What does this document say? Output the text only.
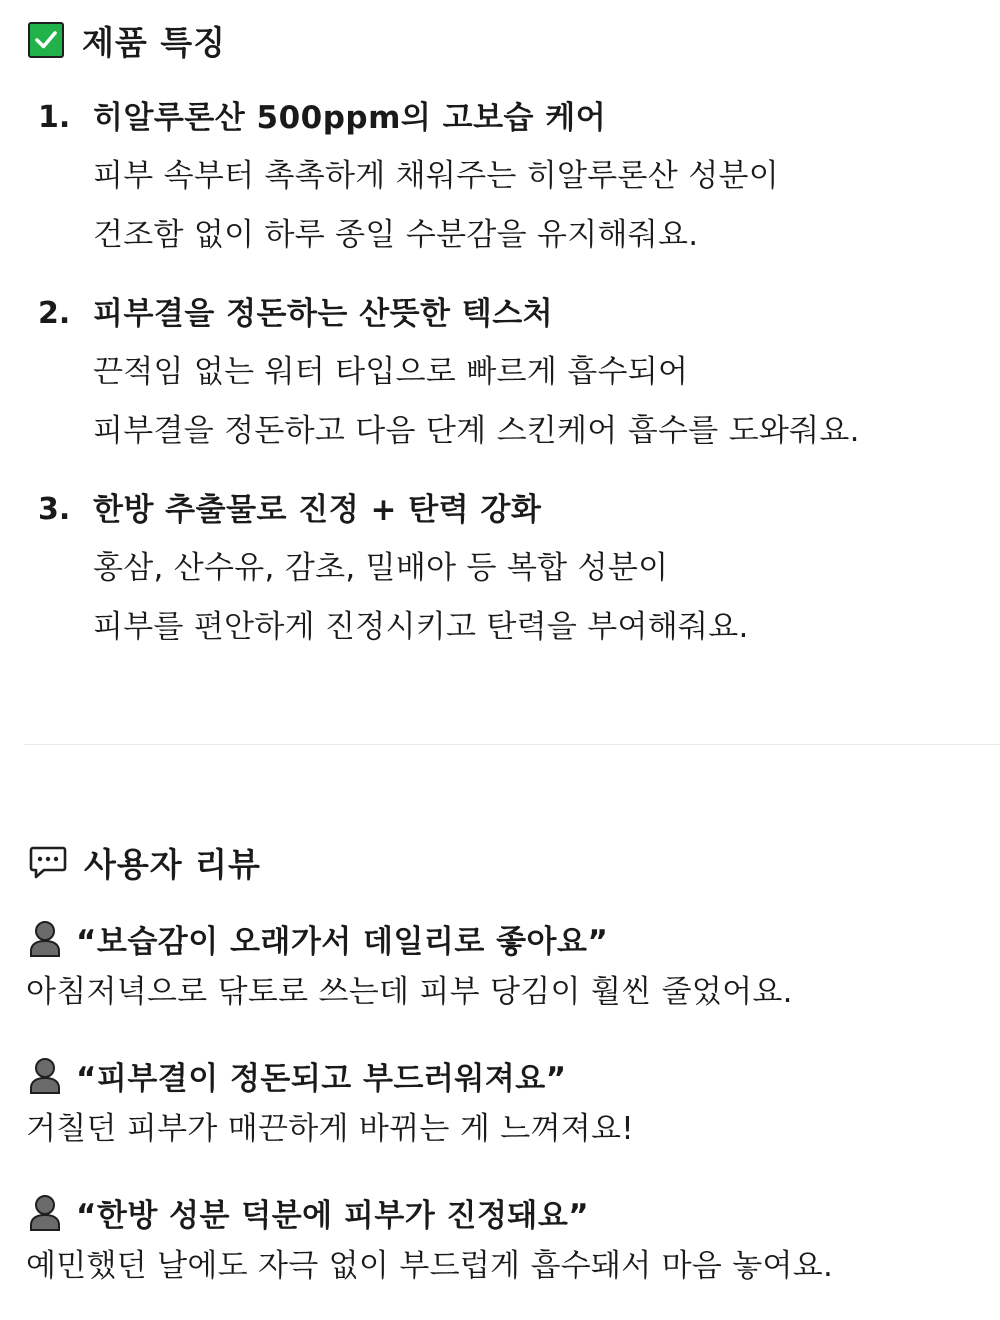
제품 특징
1. 히알루론산 500ppm의 고보습 케어
피부 속부터 촉촉하게 채워주는 히알루론산 성분이
건조함 없이 하루 종일 수분감을 유지해줘요.
2. 피부결을 정돈하는 산뜻한 텍스처
끈적임 없는 워터 타입으로 빠르게 흡수되어
피부결을 정돈하고 다음 단계 스킨케어 흡수를 도와줘요.
3. 한방 추출물로 진정 + 탄력 강화
홍삼, 산수유, 감초, 밀배아 등 복합 성분이
피부를 편안하게 진정시키고 탄력을 부여해줘요.
사용자 리뷰
“보습감이 오래가서 데일리로 좋아요”
아침저녁으로 닦토로 쓰는데 피부 당김이 훨씬 줄었어요.
“피부결이 정돈되고 부드러워져요”
거칠던 피부가 매끈하게 바뀌는 게 느껴져요!
“한방 성분 덕분에 피부가 진정돼요”
예민했던 날에도 자극 없이 부드럽게 흡수돼서 마음 놓여요.
